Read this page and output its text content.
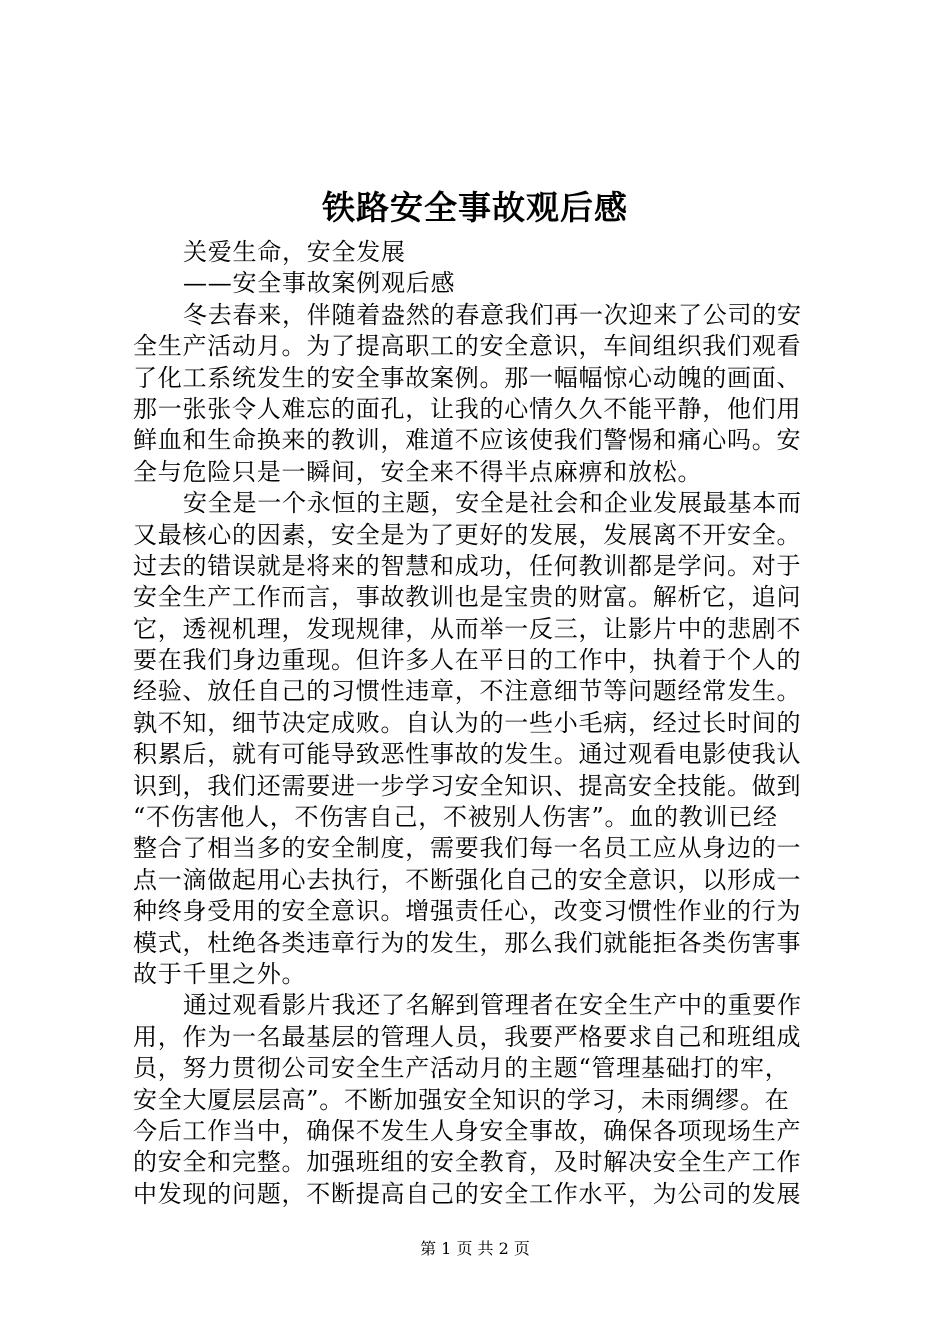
铁路安全事故观后感
关爱生命，安全发展
——安全事故案例观后感
冬去春来，伴随着盎然的春意我们再一次迎来了公司的安
全生产活动月。为了提高职工的安全意识，车间组织我们观看
了化工系统发生的安全事故案例。那一幅幅惊心动魄的画面、
那一张张令人难忘的面孔，让我的心情久久不能平静，他们用
鲜血和生命换来的教训，难道不应该使我们警惕和痛心吗。安
全与危险只是一瞬间，安全来不得半点麻痹和放松。
安全是一个永恒的主题，安全是社会和企业发展最基本而
又最核心的因素，安全是为了更好的发展，发展离不开安全。
过去的错误就是将来的智慧和成功，任何教训都是学问。对于
安全生产工作而言，事故教训也是宝贵的财富。解析它，追问
它，透视机理，发现规律，从而举一反三，让影片中的悲剧不
要在我们身边重现。但许多人在平日的工作中，执着于个人的
经验、放任自己的习惯性违章，不注意细节等问题经常发生。
孰不知，细节决定成败。自认为的一些小毛病，经过长时间的
积累后，就有可能导致恶性事故的发生。通过观看电影使我认
识到，我们还需要进一步学习安全知识、提高安全技能。做到
“不伤害他人，不伤害自己，不被别人伤害”。血的教训已经
整合了相当多的安全制度，需要我们每一名员工应从身边的一
点一滴做起用心去执行，不断强化自己的安全意识，以形成一
种终身受用的安全意识。增强责任心，改变习惯性作业的行为
模式，杜绝各类违章行为的发生，那么我们就能拒各类伤害事
故于千里之外。
通过观看影片我还了名解到管理者在安全生产中的重要作
用，作为一名最基层的管理人员，我要严格要求自己和班组成
员，努力贯彻公司安全生产活动月的主题“管理基础打的牢，
安全大厦层层高”。不断加强安全知识的学习，未雨绸缪。在
今后工作当中，确保不发生人身安全事故，确保各项现场生产
的安全和完整。加强班组的安全教育，及时解决安全生产工作
中发现的问题，不断提高自己的安全工作水平，为公司的发展
第 1 页 共 2 页
